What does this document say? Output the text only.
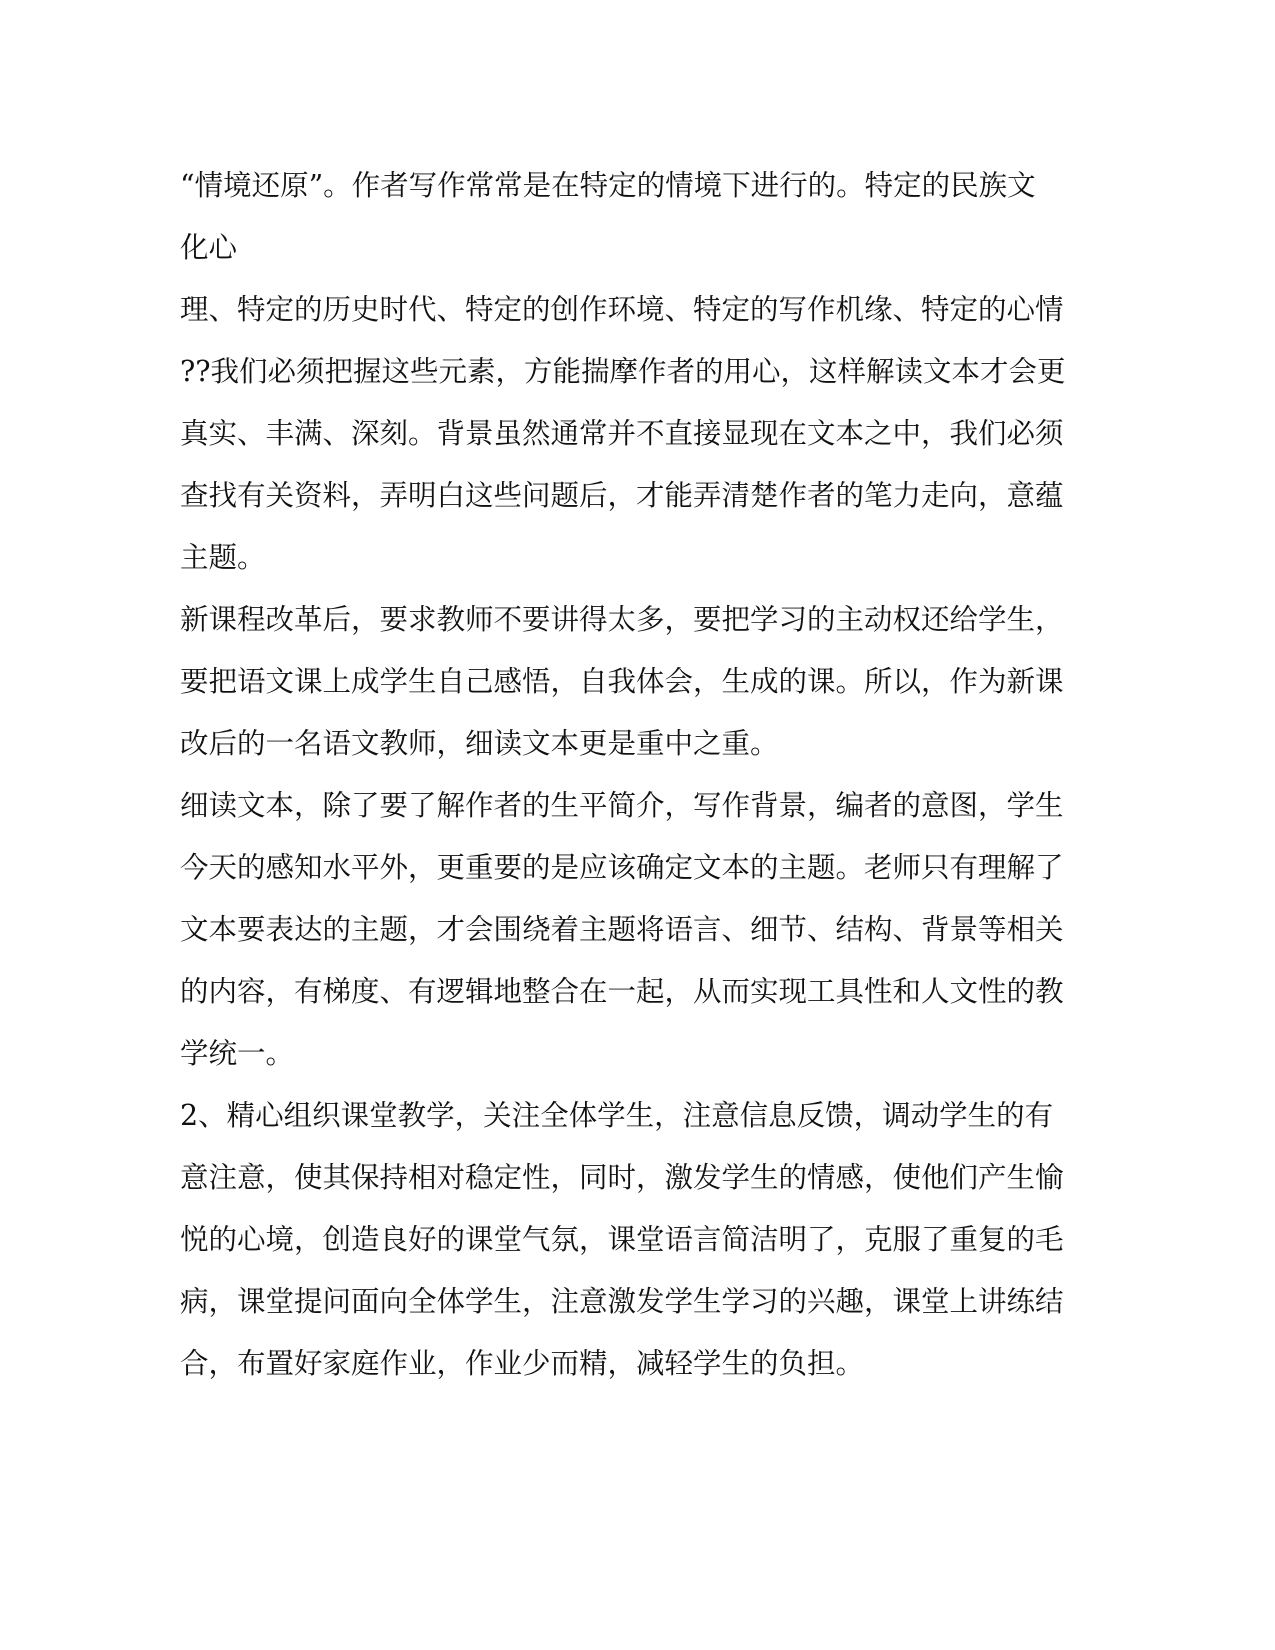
“情境还原”。作者写作常常是在特定的情境下进行的。特定的民族文
化心
理、特定的历史时代、特定的创作环境、特定的写作机缘、特定的心情
??我们必须把握这些元素，方能揣摩作者的用心，这样解读文本才会更
真实、丰满、深刻。背景虽然通常并不直接显现在文本之中，我们必须
查找有关资料，弄明白这些问题后，才能弄清楚作者的笔力走向，意蕴
主题。
新课程改革后，要求教师不要讲得太多，要把学习的主动权还给学生，
要把语文课上成学生自己感悟，自我体会，生成的课。所以，作为新课
改后的一名语文教师，细读文本更是重中之重。
细读文本，除了要了解作者的生平简介，写作背景，编者的意图，学生
今天的感知水平外，更重要的是应该确定文本的主题。老师只有理解了
文本要表达的主题，才会围绕着主题将语言、细节、结构、背景等相关
的内容，有梯度、有逻辑地整合在一起，从而实现工具性和人文性的教
学统一。
2、精心组织课堂教学，关注全体学生，注意信息反馈，调动学生的有
意注意，使其保持相对稳定性，同时，激发学生的情感，使他们产生愉
悦的心境，创造良好的课堂气氛，课堂语言简洁明了，克服了重复的毛
病，课堂提问面向全体学生，注意激发学生学习的兴趣，课堂上讲练结
合，布置好家庭作业，作业少而精，减轻学生的负担。
